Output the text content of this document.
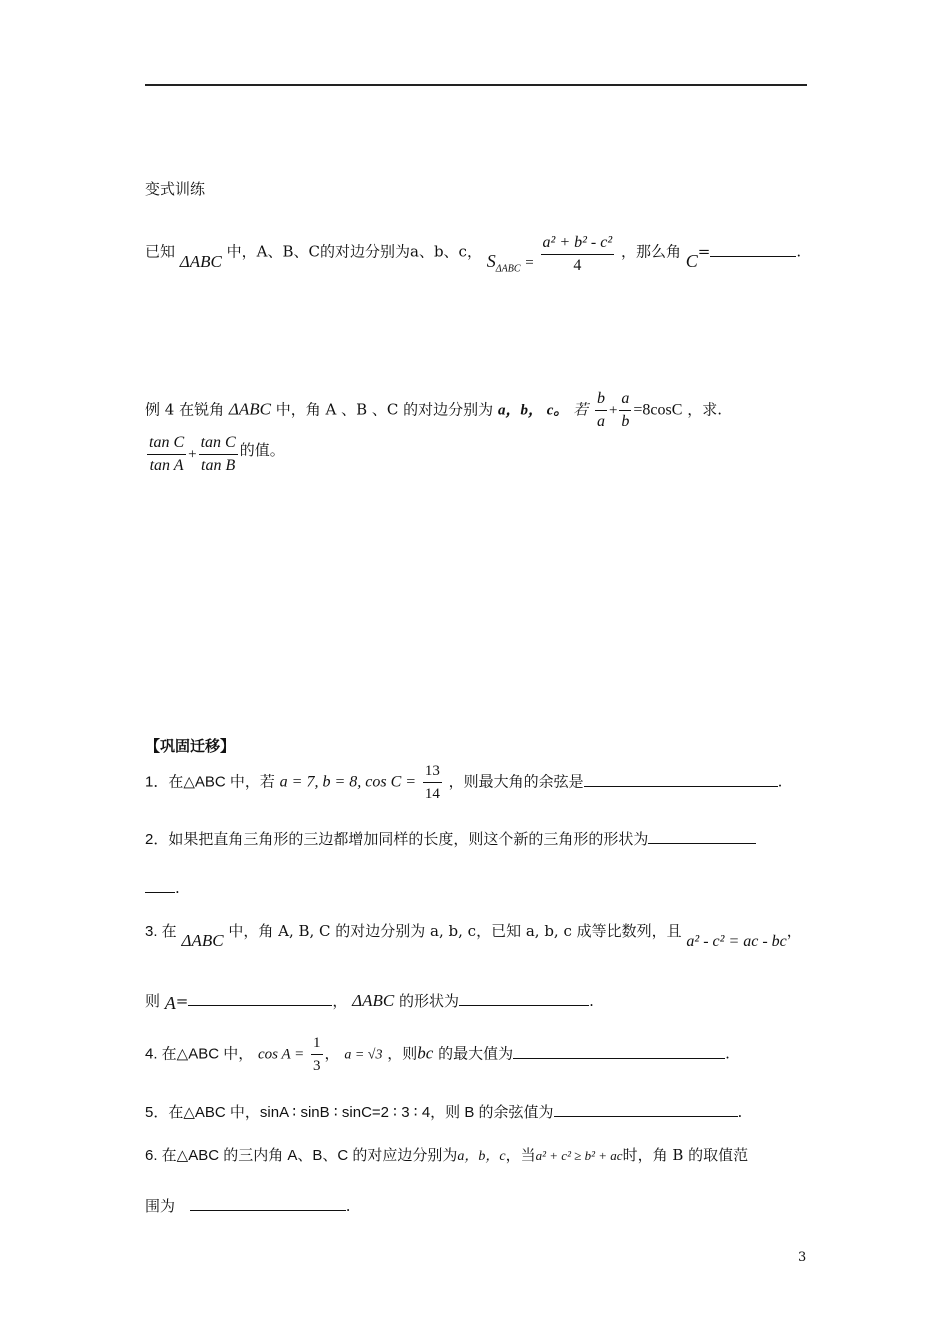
变式训练
已知 ΔABC 中，A、B、C的对边分别为a、b、c， $S_{\Delta ABC} = \frac{\text{a² + b² - c²}}{4}$ ，那么角 C=	.
例 4 在锐角 ΔABC 中，角 A 、B 、C 的对边分别为 a，b， c。 若 $\frac{b}{a} + \frac{a}{b} =8\cos C$ ，求.
$\frac{\text{tan C}}{\text{tan A}} + \frac{\text{tan C}}{\text{tan B}}$ 的值。
【巩固迁移】
1．在△ABC 中，若 a = 7, b = 8, $\cos C = \frac{13}{14}$ ，则最大角的余弦是	.
2．如果把直角三角形的三边都增加同样的长度，则这个新的三角形的形状为
.
3. 在 ΔABC 中，角 A, B, C 的对边分别为 a, b, c，已知 a, b, c 成等比数列，且 a² - c² = ac - bc，
则 A=	， ΔABC 的形状为	.
4. 在△ABC 中， $\cos A = \frac{1}{3}$ ， a = √3 ，则bc 的最大值为	.
5．在△ABC 中，sinA ∶ sinB ∶ sinC=2 ∶ 3 ∶ 4，则 B 的余弦值为	.
6. 在△ABC 的三内角 A、B、C 的对应边分别为a，b，c，当a² + c² ≥ b² + ac时，角 B 的取值范
围为	.
3
